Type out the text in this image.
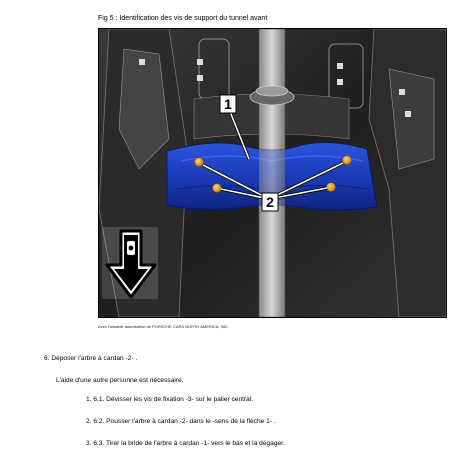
Fig 5 : Identification des vis de support du tunnel avant
1
2
Avec l'aimable autorisation de PORSCHE CARS NORTH AMERICA, INC.
6. Déposer l'arbre à cardan -2- .
L'aide d'une autre personne est nécessaire.
1. 6.1. Dévisser les vis de fixation -3- sur le palier central.
2. 6.2. Pousser l'arbre à cardan -2- dans le -sens de la flèche 1- .
3. 6.3. Tirer la bride de l'arbre à cardan -1- vers le bas et la dégager.
